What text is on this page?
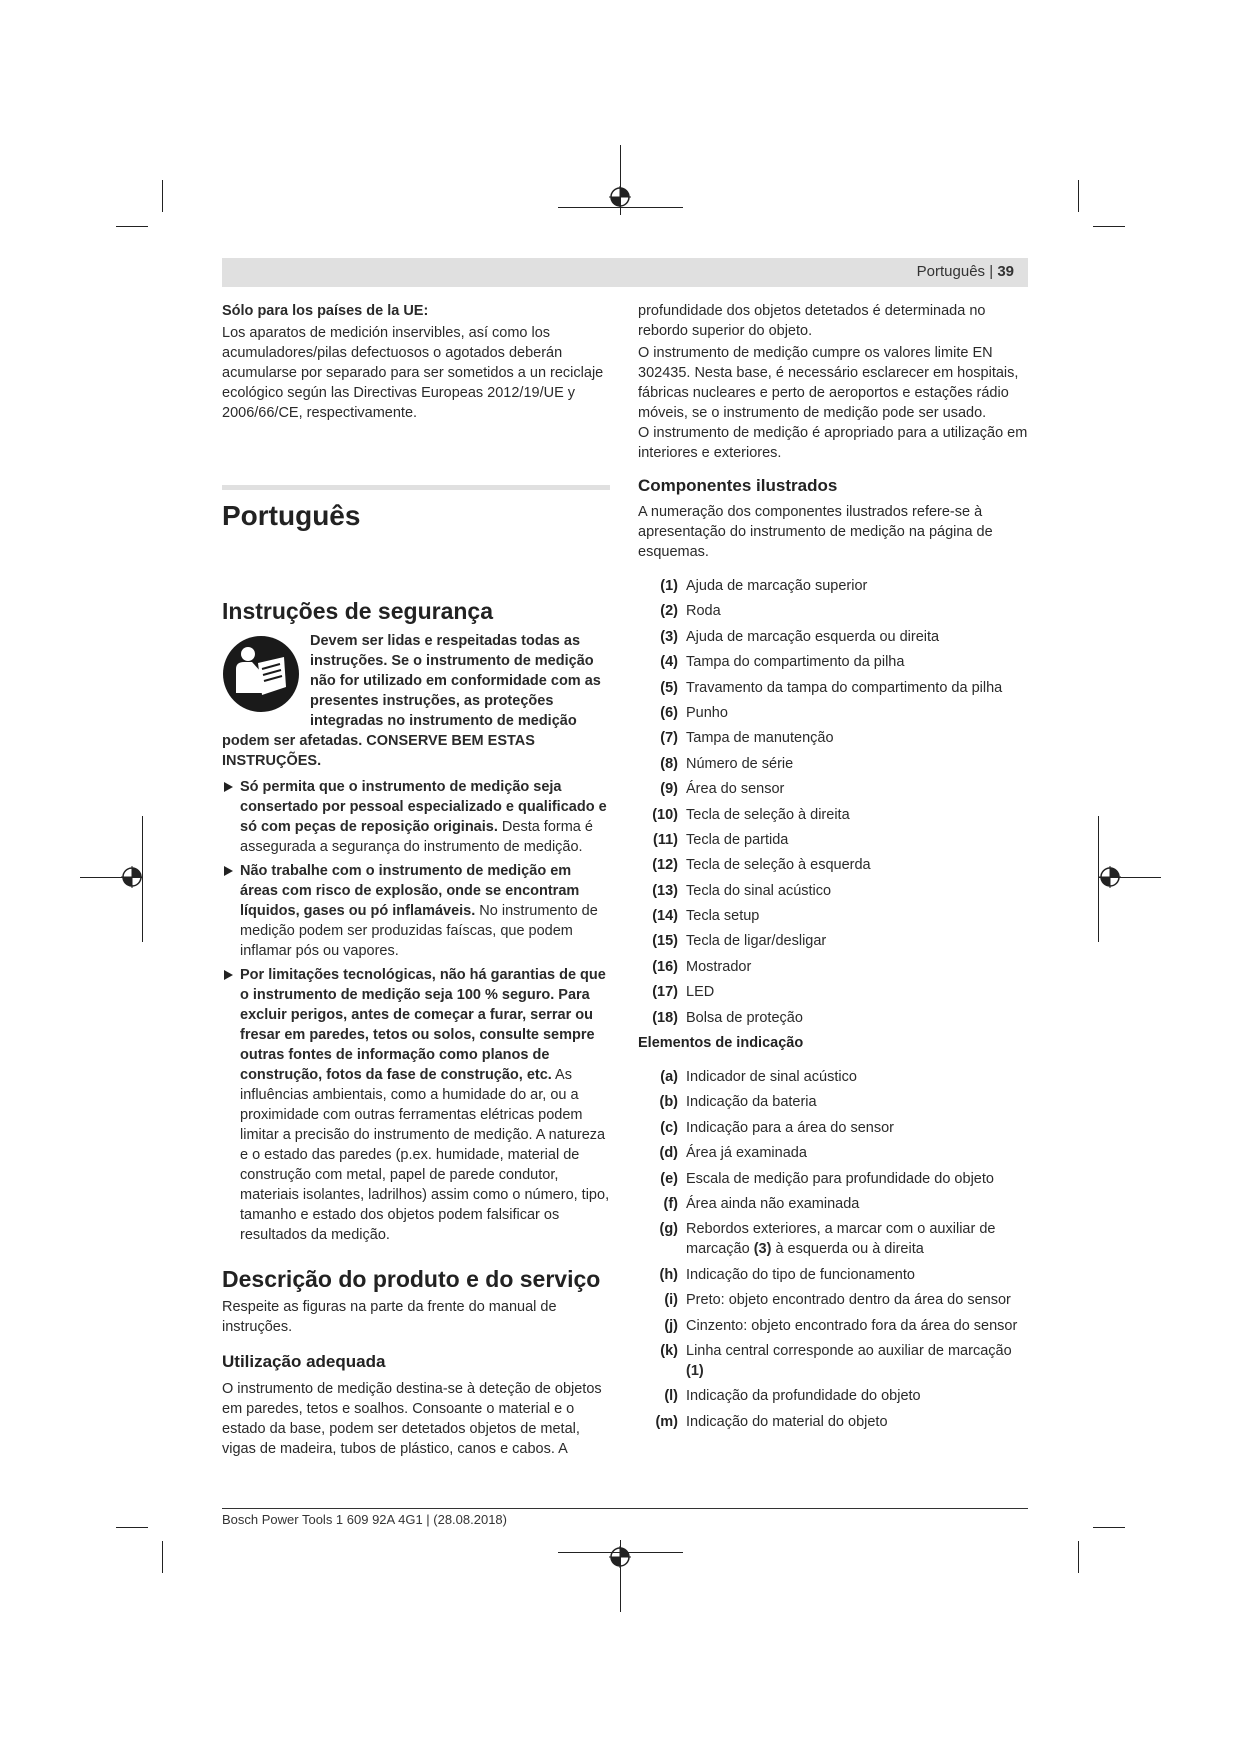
Português | 39

Sólo para los países de la UE:

Los aparatos de medición inservibles, así como los acumuladores/pilas defectuosos o agotados deberán acumularse por separado para ser sometidos a un reciclaje ecológico según las Directivas Europeas 2012/19/UE y 2006/66/CE, respectivamente.

Português
Instruções de segurança

Devem ser lidas e respeitadas todas as instruções. Se o instrumento de medição não for utilizado em conformidade com as presentes instruções, as proteções integradas no instrumento de medição podem ser afetadas. CONSERVE BEM ESTAS INSTRUÇÕES.

Só permita que o instrumento de medição seja consertado por pessoal especializado e qualificado e só com peças de reposição originais. Desta forma é assegurada a segurança do instrumento de medição.
Não trabalhe com o instrumento de medição em áreas com risco de explosão, onde se encontram líquidos, gases ou pó inflamáveis. No instrumento de medição podem ser produzidas faíscas, que podem inflamar pós ou vapores.
Por limitações tecnológicas, não há garantias de que o instrumento de medição seja 100 % seguro. Para excluir perigos, antes de começar a furar, serrar ou fresar em paredes, tetos ou solos, consulte sempre outras fontes de informação como planos de construção, fotos da fase de construção, etc. As influências ambientais, como a humidade do ar, ou a proximidade com outras ferramentas elétricas podem limitar a precisão do instrumento de medição. A natureza e o estado das paredes (p.ex. humidade, material de construção com metal, papel de parede condutor, materiais isolantes, ladrilhos) assim como o número, tipo, tamanho e estado dos objetos podem falsificar os resultados da medição.
Descrição do produto e do serviço

Respeite as figuras na parte da frente do manual de instruções.

Utilização adequada

O instrumento de medição destina-se à deteção de objetos em paredes, tetos e soalhos. Consoante o material e o estado da base, podem ser detetados objetos de metal, vigas de madeira, tubos de plástico, canos e cabos. A

profundidade dos objetos detetados é determinada no rebordo superior do objeto.

O instrumento de medição cumpre os valores limite EN 302435. Nesta base, é necessário esclarecer em hospitais, fábricas nucleares e perto de aeroportos e estações rádio móveis, se o instrumento de medição pode ser usado.

O instrumento de medição é apropriado para a utilização em interiores e exteriores.

Componentes ilustrados

A numeração dos componentes ilustrados refere-se à apresentação do instrumento de medição na página de esquemas.

(1) Ajuda de marcação superior
(2) Roda
(3) Ajuda de marcação esquerda ou direita
(4) Tampa do compartimento da pilha
(5) Travamento da tampa do compartimento da pilha
(6) Punho
(7) Tampa de manutenção
(8) Número de série
(9) Área do sensor
(10) Tecla de seleção à direita
(11) Tecla de partida
(12) Tecla de seleção à esquerda
(13) Tecla do sinal acústico
(14) Tecla setup
(15) Tecla de ligar/desligar
(16) Mostrador
(17) LED
(18) Bolsa de proteção
Elementos de indicação
(a) Indicador de sinal acústico
(b) Indicação da bateria
(c) Indicação para a área do sensor
(d) Área já examinada
(e) Escala de medição para profundidade do objeto
(f) Área ainda não examinada
(g) Rebordos exteriores, a marcar com o auxiliar de marcação (3) à esquerda ou à direita
(h) Indicação do tipo de funcionamento
(i) Preto: objeto encontrado dentro da área do sensor
(j) Cinzento: objeto encontrado fora da área do sensor
(k) Linha central corresponde ao auxiliar de marcação (1)
(l) Indicação da profundidade do objeto
(m) Indicação do material do objeto
Bosch Power Tools 1 609 92A 4G1 | (28.08.2018)
